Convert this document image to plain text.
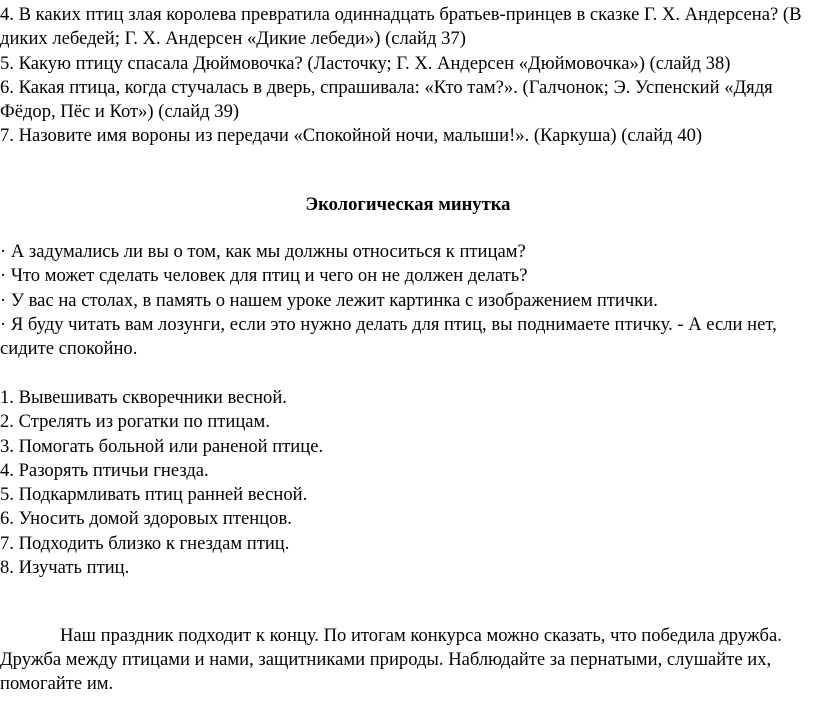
4. В каких птиц злая королева превратила одиннадцать братьев-принцев в сказке Г. Х. Андерсена? (В диких лебедей; Г. Х. Андерсен «Дикие лебеди») (слайд 37)

5. Какую птицу спасала Дюймовочка? (Ласточку; Г. Х. Андерсен «Дюймовочка») (слайд 38)

6. Какая птица, когда стучалась в дверь, спрашивала: «Кто там?». (Галчонок; Э. Успенский «Дядя Фёдор, Пёс и Кот») (слайд 39)

7. Назовите имя вороны из передачи «Спокойной ночи, малыши!». (Каркуша) (слайд 40)

Экологическая минутка

· А задумались ли вы о том, как мы должны относиться к птицам?

· Что может сделать человек для птиц и чего он не должен делать?

· У вас на столах, в память о нашем уроке лежит картинка с изображением птички.

· Я буду читать вам лозунги, если это нужно делать для птиц, вы поднимаете птичку. - А если нет, сидите спокойно.

1. Вывешивать скворечники весной.

2. Стрелять из рогатки по птицам.

3. Помогать больной или раненой птице.

4. Разорять птичьи гнезда.

5. Подкармливать птиц ранней весной.

6. Уносить домой здоровых птенцов.

7. Подходить близко к гнездам птиц.

8. Изучать птиц.

Наш праздник подходит к концу. По итогам конкурса можно сказать, что победила дружба. Дружба между птицами и нами, защитниками природы. Наблюдайте за пернатыми, слушайте их, помогайте им.
